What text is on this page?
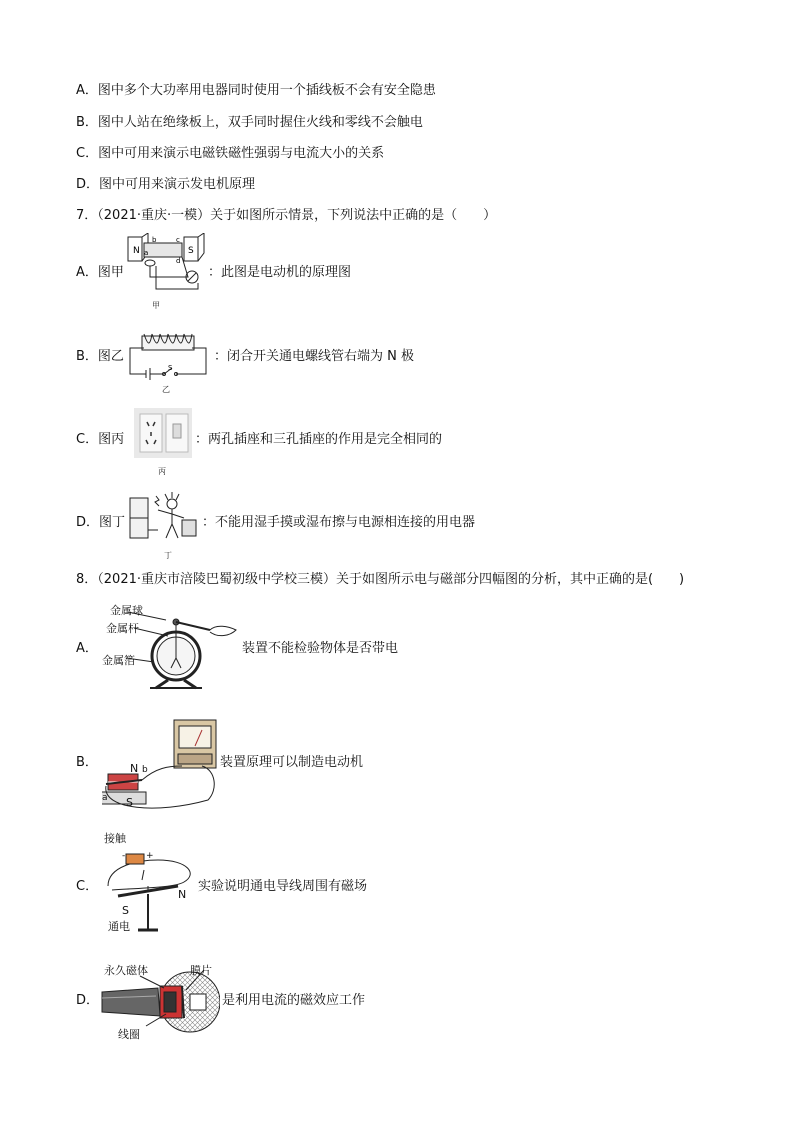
A．图中多个大功率用电器同时使用一个插线板不会有安全隐患
B．图中人站在绝缘板上，双手同时握住火线和零线不会触电
C．图中可用来演示电磁铁磁性强弱与电流大小的关系
D．图中可用来演示发电机原理
7．（2021·重庆·一模）关于如图所示情景，下列说法中正确的是（　　）
A．图甲
N	S
b	c
a
d
甲
：此图是电动机的原理图
B．图乙
S
乙
：闭合开关通电螺线管右端为 N 极
C．图丙
丙
：两孔插座和三孔插座的作用是完全相同的
D．图丁
丁
：不能用湿手摸或湿布擦与电源相连接的用电器
8．（2021·重庆市涪陵巴蜀初级中学校三模）关于如图所示电与磁部分四幅图的分析，其中正确的是(　　)
A．
金属球
金属杆
金属箔
装置不能检验物体是否带电
B．	N b
a S
装置原理可以制造电动机
C．
接触
- +
S
N
通电
实验说明通电导线周围有磁场
D．
永久磁体	膜片
线圈
是利用电流的磁效应工作
